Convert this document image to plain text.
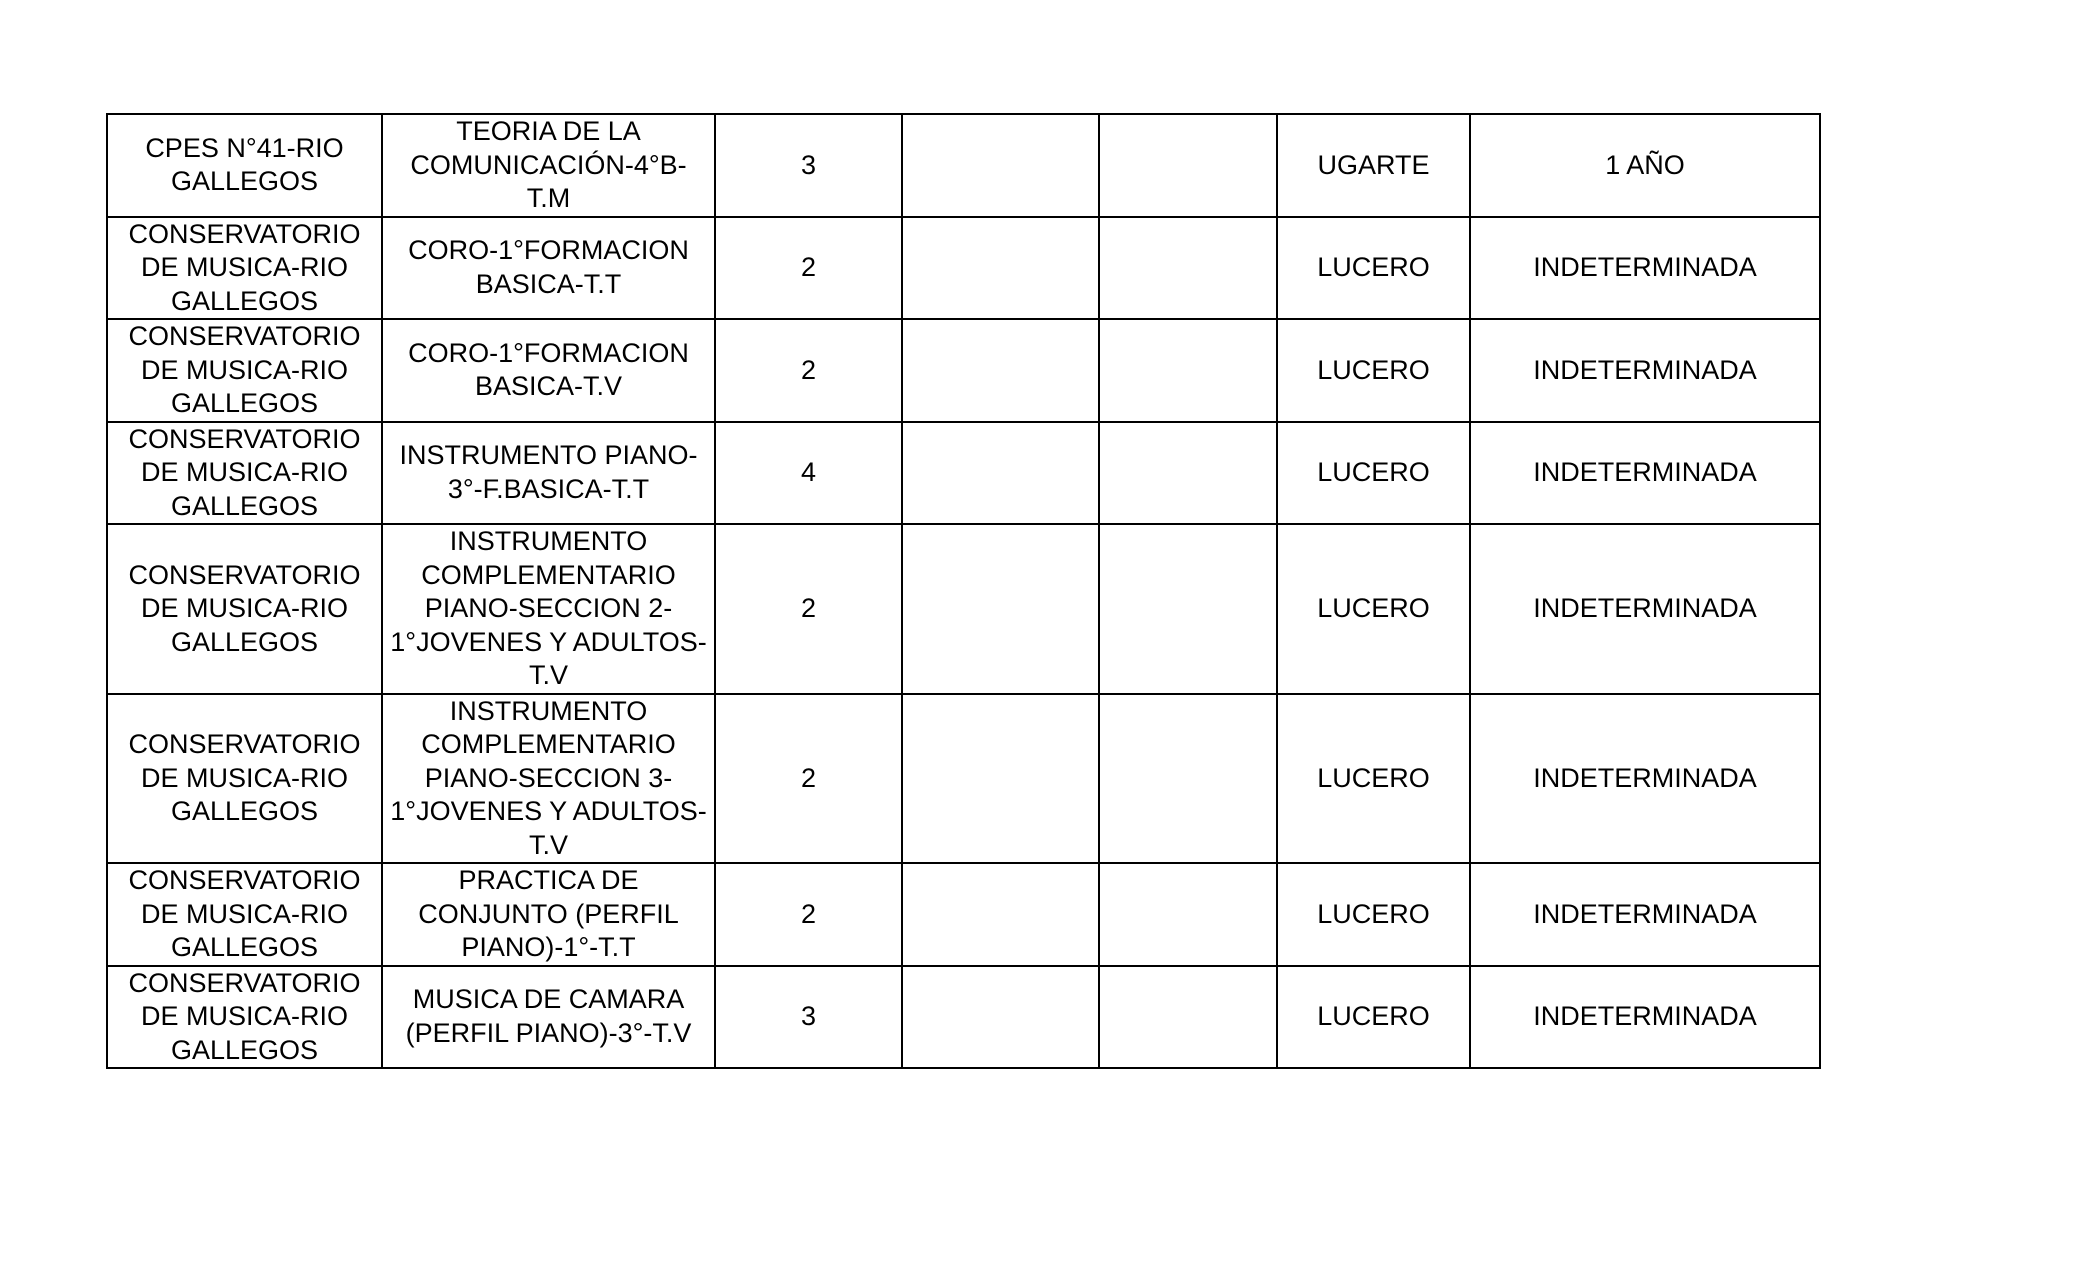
CPES N°41-RIO
GALLEGOS	TEORIA DE LA
COMUNICACIÓN-4°B-
T.M	3			UGARTE	1 AÑO
CONSERVATORIO
DE MUSICA-RIO
GALLEGOS	CORO-1°FORMACION
BASICA-T.T	2			LUCERO	INDETERMINADA
CONSERVATORIO
DE MUSICA-RIO
GALLEGOS	CORO-1°FORMACION
BASICA-T.V	2			LUCERO	INDETERMINADA
CONSERVATORIO
DE MUSICA-RIO
GALLEGOS	INSTRUMENTO PIANO-
3°-F.BASICA-T.T	4			LUCERO	INDETERMINADA
CONSERVATORIO
DE MUSICA-RIO
GALLEGOS	INSTRUMENTO
COMPLEMENTARIO
PIANO-SECCION 2-
1°JOVENES Y ADULTOS-
T.V	2			LUCERO	INDETERMINADA
CONSERVATORIO
DE MUSICA-RIO
GALLEGOS	INSTRUMENTO
COMPLEMENTARIO
PIANO-SECCION 3-
1°JOVENES Y ADULTOS-
T.V	2			LUCERO	INDETERMINADA
CONSERVATORIO
DE MUSICA-RIO
GALLEGOS	PRACTICA DE
CONJUNTO (PERFIL
PIANO)-1°-T.T	2			LUCERO	INDETERMINADA
CONSERVATORIO
DE MUSICA-RIO
GALLEGOS	MUSICA DE CAMARA
(PERFIL PIANO)-3°-T.V	3			LUCERO	INDETERMINADA
